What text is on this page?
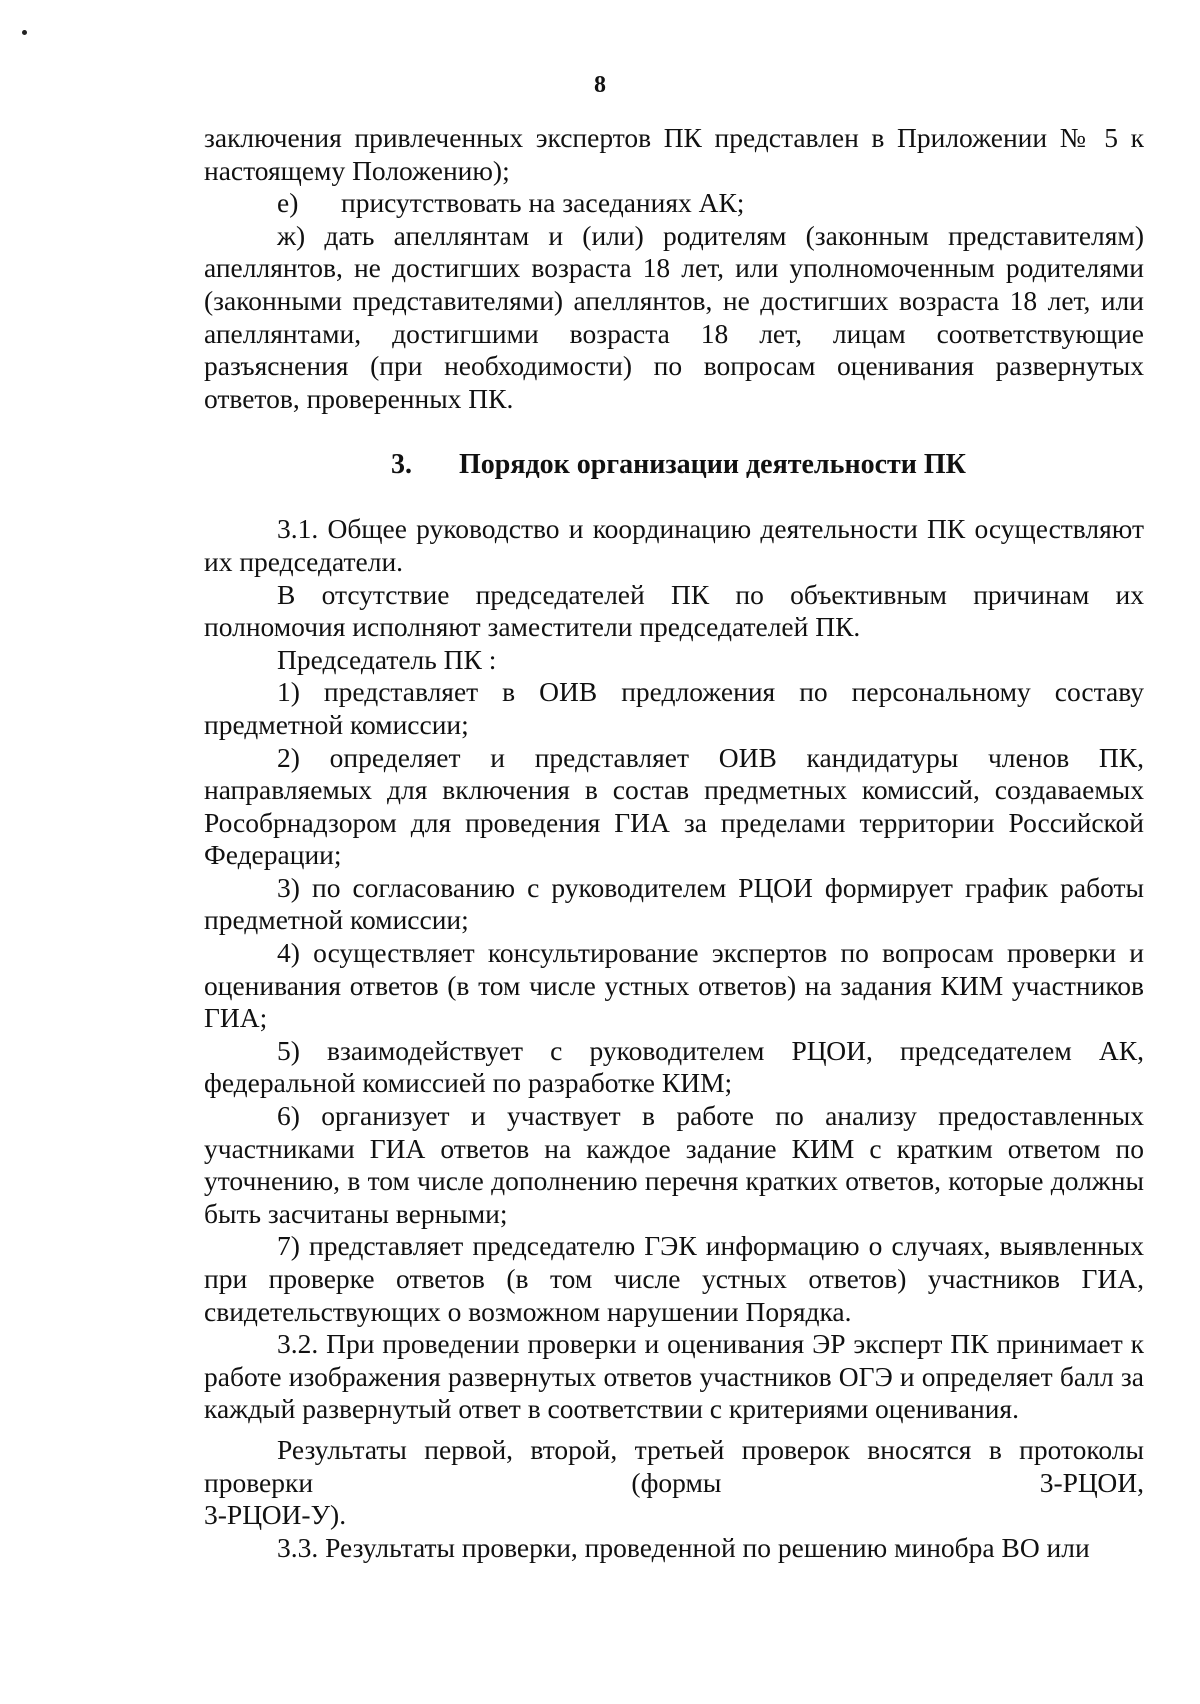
8

заключения привлеченных экспертов ПК представлен в Приложении № 5 к настоящему Положению);

е) присутствовать на заседаниях АК;

ж) дать апеллянтам и (или) родителям (законным представителям) апеллянтов, не достигших возраста 18 лет, или уполномоченным родителями (законными представителями) апеллянтов, не достигших возраста 18 лет, или апеллянтами, достигшими возраста 18 лет, лицам соответствующие разъяснения (при необходимости) по вопросам оценивания развернутых ответов, проверенных ПК.

3. Порядок организации деятельности ПК

3.1. Общее руководство и координацию деятельности ПК осуществляют их председатели.

В отсутствие председателей ПК по объективным причинам их полномочия исполняют заместители председателей ПК.

Председатель ПК :

1) представляет в ОИВ предложения по персональному составу предметной комиссии;

2) определяет и представляет ОИВ кандидатуры членов ПК, направляемых для включения в состав предметных комиссий, создаваемых Рособрнадзором для проведения ГИА за пределами территории Российской Федерации;

3) по согласованию с руководителем РЦОИ формирует график работы предметной комиссии;

4) осуществляет консультирование экспертов по вопросам проверки и оценивания ответов (в том числе устных ответов) на задания КИМ участников ГИА;

5) взаимодействует с руководителем РЦОИ, председателем АК, федеральной комиссией по разработке КИМ;

6) организует и участвует в работе по анализу предоставленных участниками ГИА ответов на каждое задание КИМ с кратким ответом по уточнению, в том числе дополнению перечня кратких ответов, которые должны быть засчитаны верными;

7) представляет председателю ГЭК информацию о случаях, выявленных при проверке ответов (в том числе устных ответов) участников ГИА, свидетельствующих о возможном нарушении Порядка.

3.2. При проведении проверки и оценивания ЭР эксперт ПК принимает к работе изображения развернутых ответов участников ОГЭ и определяет балл за каждый развернутый ответ в соответствии с критериями оценивания.

Результаты первой, второй, третьей проверок вносятся в протоколы

проверки (формы 3-РЦОИ,

3-РЦОИ-У).

3.3. Результаты проверки, проведенной по решению минобра ВО или
